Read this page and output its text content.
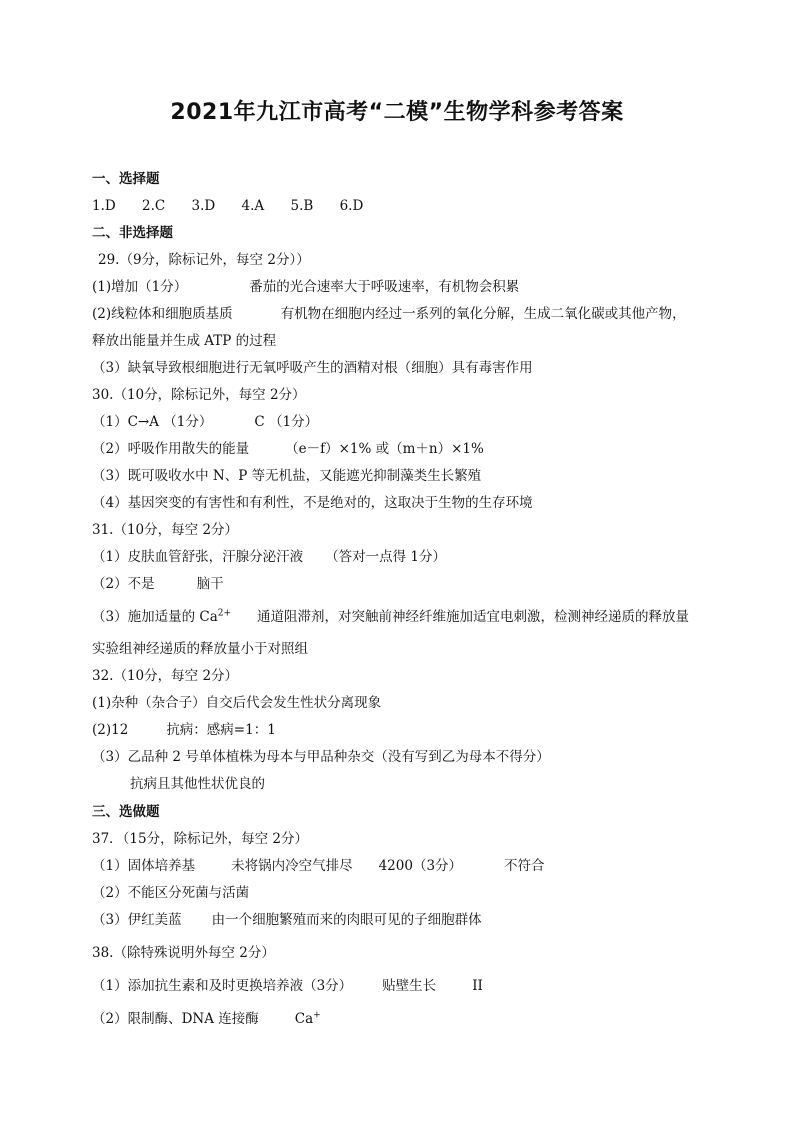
2021年九江市高考“二模”生物学科参考答案
一、选择题
1.D 2.C 3.D 4.A 5.B 6.D
二、非选择题
29.（9分，除标记外，每空 2分））
(1)增加（1分）	番茄的光合速率大于呼吸速率，有机物会积累
(2)线粒体和细胞质基质	有机物在细胞内经过一系列的氧化分解，生成二氧化碳或其他产物，
释放出能量并生成 ATP 的过程
（3）缺氧导致根细胞进行无氧呼吸产生的酒精对根（细胞）具有毒害作用
30.（10分，除标记外，每空 2分）
（1）C→A （1分）	C （1分）
（2）呼吸作用散失的能量	（e－f）×1% 或（m＋n）×1%
（3）既可吸收水中 N、P 等无机盐，又能遮光抑制藻类生长繁殖
（4）基因突变的有害性和有利性，不是绝对的，这取决于生物的生存环境
31.（10分，每空 2分）
（1）皮肤血管舒张，汗腺分泌汗液 （答对一点得 1分）
（2）不是	脑干
（3）施加适量的 $Ca^{2+}$ 通道阻滞剂，对突触前神经纤维施加适宜电刺激，检测神经递质的释放量
实验组神经递质的释放量小于对照组
32.（10分，每空 2分）
(1)杂种（杂合子）自交后代会发生性状分离现象
(2)12	抗病：感病=1：1
（3）乙品种 2 号单体植株为母本与甲品种杂交（没有写到乙为母本不得分）
抗病且其他性状优良的
三、选做题
37．（15分，除标记外，每空 2分）
（1）固体培养基	未将锅内冷空气排尽 4200（3分）	不符合
（2）不能区分死菌与活菌
（3）伊红美蓝 由一个细胞繁殖而来的肉眼可见的子细胞群体
38.（除特殊说明外每空 2分）
（1）添加抗生素和及时更换培养液（3分） 贴壁生长	II
（2）限制酶、DNA 连接酶	Ca+
